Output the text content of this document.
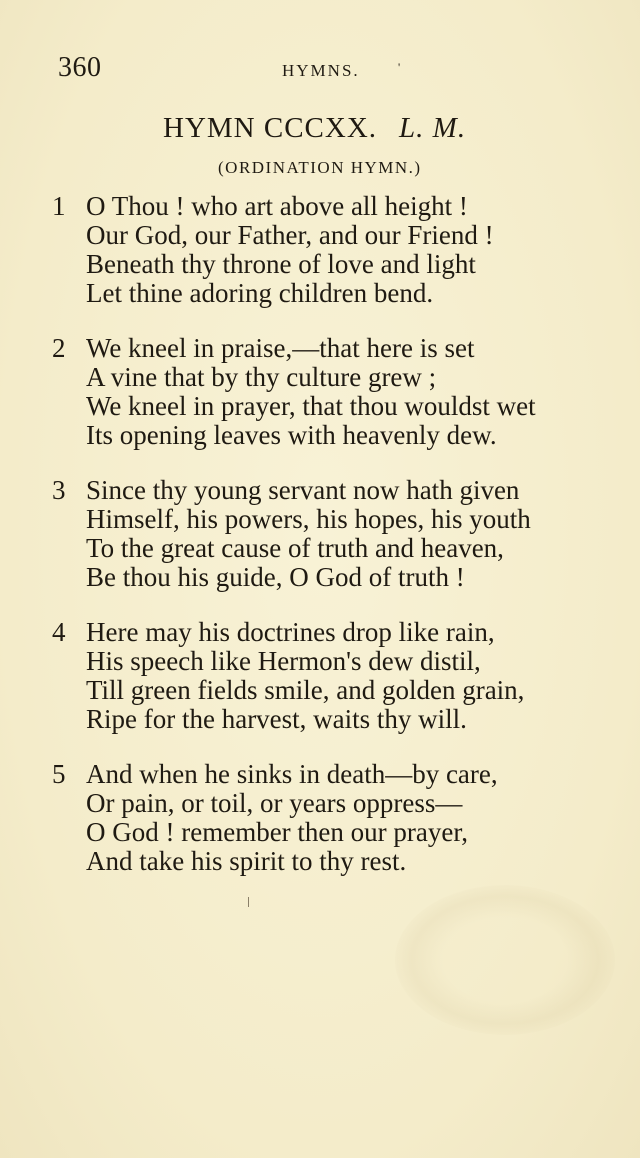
360	HYMNS.	'
HYMN CCCXX. L. M.
(ORDINATION HYMN.)
1 O Thou ! who art above all height !
Our God, our Father, and our Friend !
Beneath thy throne of love and light
Let thine adoring children bend.
2 We kneel in praise,—that here is set
A vine that by thy culture grew ;
We kneel in prayer, that thou wouldst wet
Its opening leaves with heavenly dew.
3 Since thy young servant now hath given
Himself, his powers, his hopes, his youth
To the great cause of truth and heaven,
Be thou his guide, O God of truth !
4 Here may his doctrines drop like rain,
His speech like Hermon's dew distil,
Till green fields smile, and golden grain,
Ripe for the harvest, waits thy will.
5 And when he sinks in death—by care,
Or pain, or toil, or years oppress—
O God ! remember then our prayer,
And take his spirit to thy rest.
